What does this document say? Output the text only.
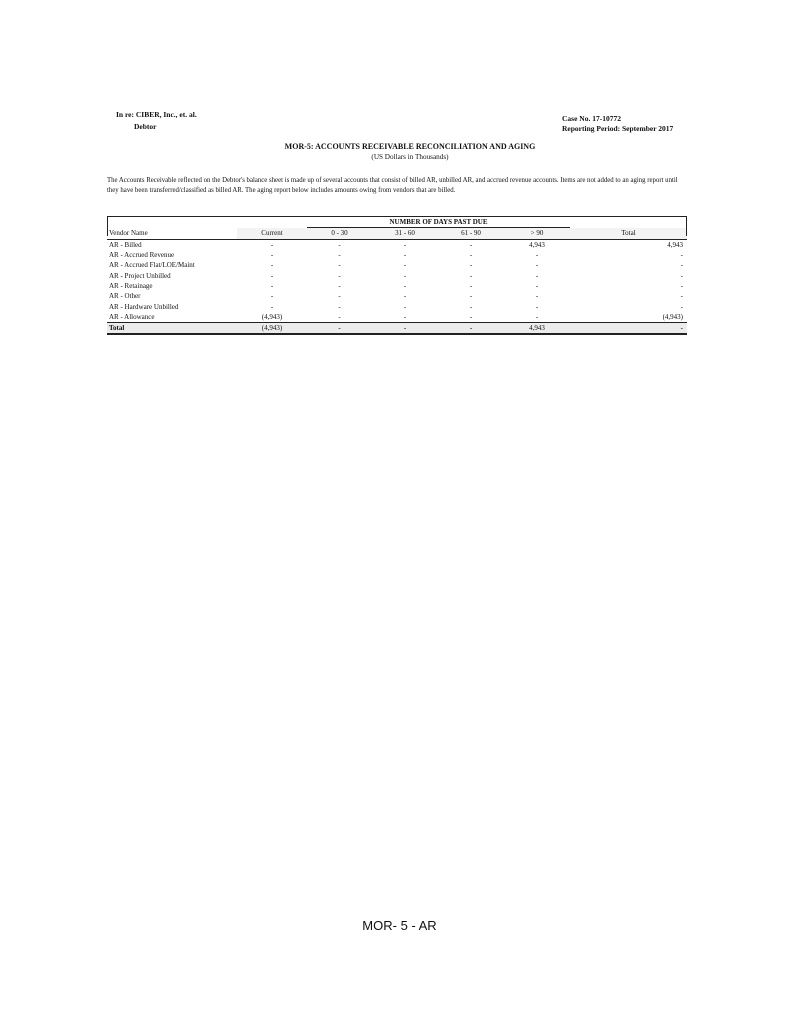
In re: CIBER, Inc., et. al.
Debtor
Case No. 17-10772
Reporting Period: September 2017
MOR-5: ACCOUNTS RECEIVABLE RECONCILIATION AND AGING
(US Dollars in Thousands)
The Accounts Receivable reflected on the Debtor's balance sheet is made up of several accounts that consist of billed AR, unbilled AR, and accrued revenue accounts. Items are not added to an aging report until they have been transferred/classified as billed AR. The aging report below includes amounts owing from vendors that are billed.
		NUMBER OF DAYS PAST DUE				
Vendor Name	Current	0 - 30	31 - 60	61 - 90	> 90	Total
AR - Billed	-	-	-	-	4,943	4,943
AR - Accrued Revenue	-	-	-	-	-	-
AR - Accrued Flat/LOE/Maint	-	-	-	-	-	-
AR - Project Unbilled	-	-	-	-	-	-
AR - Retainage	-	-	-	-	-	-
AR - Other	-	-	-	-	-	-
AR - Hardware Unbilled	-	-	-	-	-	-
AR - Allowance	(4,943)	-	-	-	-	(4,943)
Total	(4,943)	-	-	-	4,943	-
MOR- 5 - AR
